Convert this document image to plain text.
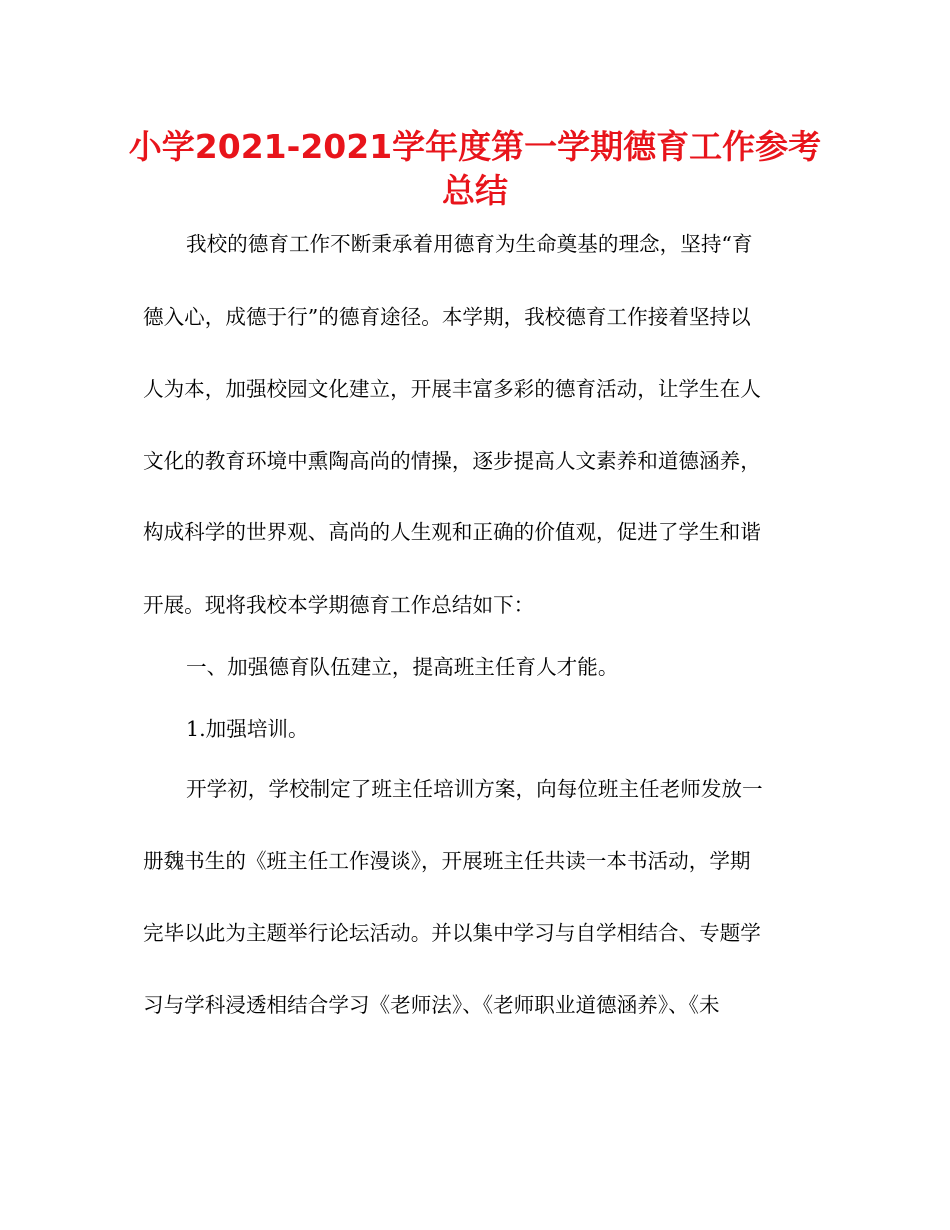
小学2021-2021学年度第一学期德育工作参考
总结

我校的德育工作不断秉承着用德育为生命奠基的理念，坚持“育

德入心，成德于行”的德育途径。本学期，我校德育工作接着坚持以

人为本，加强校园文化建立，开展丰富多彩的德育活动，让学生在人

文化的教育环境中熏陶高尚的情操，逐步提高人文素养和道德涵养，

构成科学的世界观、高尚的人生观和正确的价值观，促进了学生和谐

开展。现将我校本学期德育工作总结如下：

一、加强德育队伍建立，提高班主任育人才能。

1.加强培训。

开学初，学校制定了班主任培训方案，向每位班主任老师发放一

册魏书生的《班主任工作漫谈》，开展班主任共读一本书活动，学期

完毕以此为主题举行论坛活动。并以集中学习与自学相结合、专题学

习与学科浸透相结合学习《老师法》、《老师职业道德涵养》、《未
